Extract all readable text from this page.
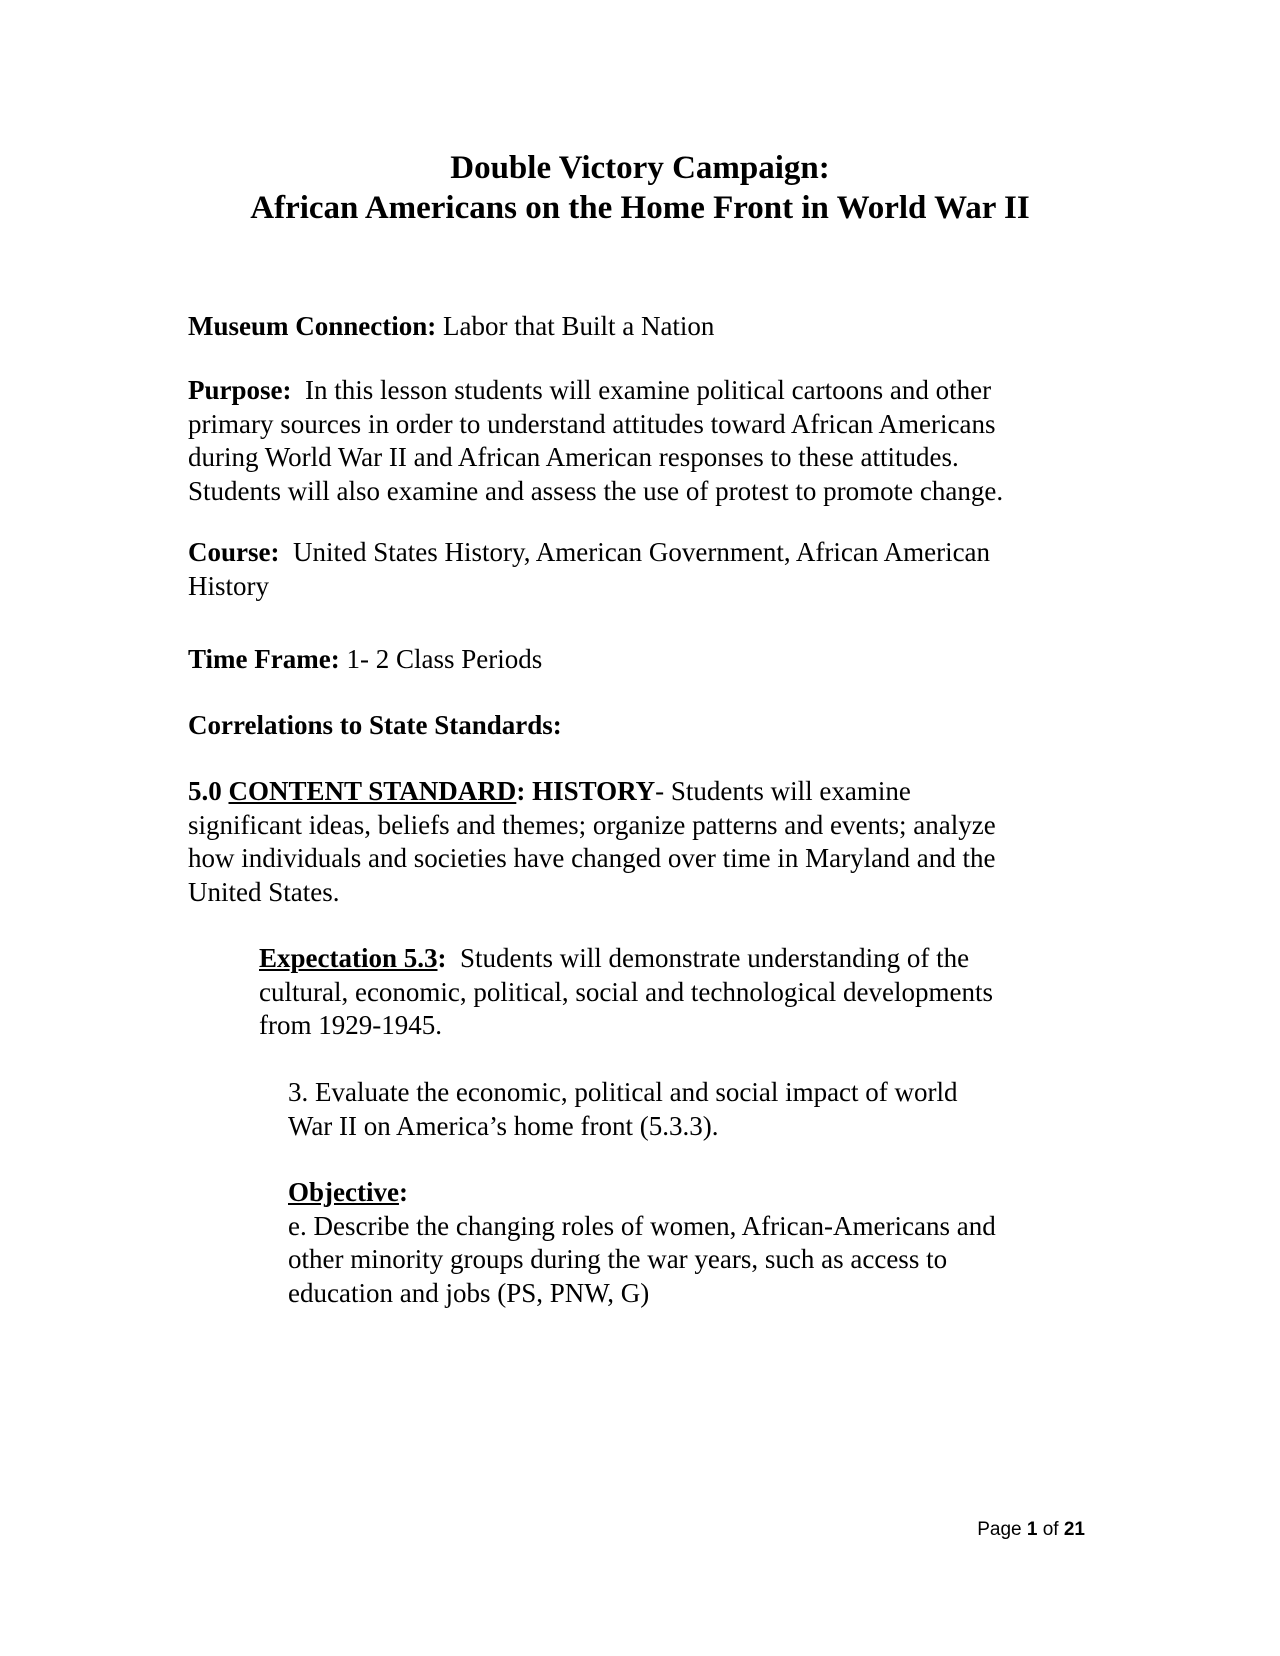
Double Victory Campaign:
African Americans on the Home Front in World War II
Museum Connection: Labor that Built a Nation
Purpose: In this lesson students will examine political cartoons and other
primary sources in order to understand attitudes toward African Americans
during World War II and African American responses to these attitudes.
Students will also examine and assess the use of protest to promote change.
Course: United States History, American Government, African American
History
Time Frame: 1- 2 Class Periods
Correlations to State Standards:
5.0 CONTENT STANDARD: HISTORY- Students will examine
significant ideas, beliefs and themes; organize patterns and events; analyze
how individuals and societies have changed over time in Maryland and the
United States.
Expectation 5.3: Students will demonstrate understanding of the
cultural, economic, political, social and technological developments
from 1929-1945.
3. Evaluate the economic, political and social impact of world
War II on America’s home front (5.3.3).
Objective:
e. Describe the changing roles of women, African-Americans and
other minority groups during the war years, such as access to
education and jobs (PS, PNW, G)
Page 1 of 21
